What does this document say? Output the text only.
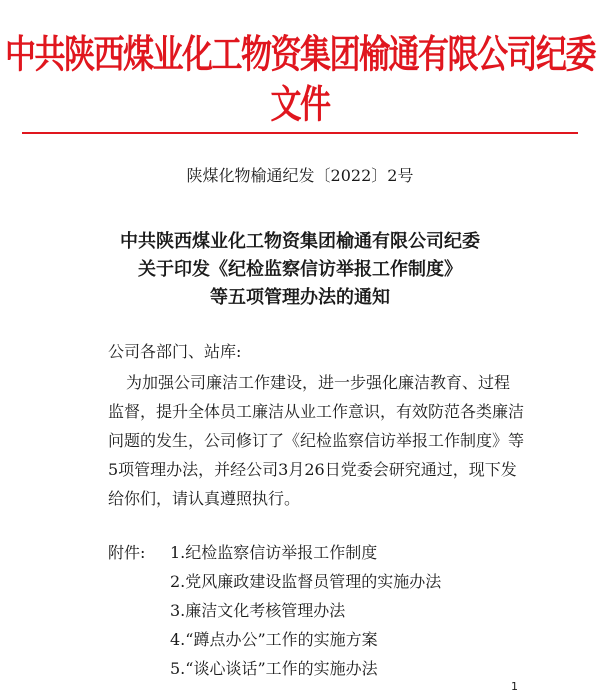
中共陕西煤业化工物资集团榆通有限公司纪委文件
陕煤化物榆通纪发〔2022〕2号
中共陕西煤业化工物资集团榆通有限公司纪委
关于印发《纪检监察信访举报工作制度》
等五项管理办法的通知
公司各部门、站库:
为加强公司廉洁工作建设，进一步强化廉洁教育、过程
监督，提升全体员工廉洁从业工作意识，有效防范各类廉洁
问题的发生，公司修订了《纪检监察信访举报工作制度》等
5项管理办法，并经公司3月26日党委会研究通过，现下发
给你们，请认真遵照执行。
附件: 1.纪检监察信访举报工作制度
2.党风廉政建设监督员管理的实施办法
3.廉洁文化考核管理办法
4.“蹲点办公”工作的实施方案
5.“谈心谈话”工作的实施办法
1
